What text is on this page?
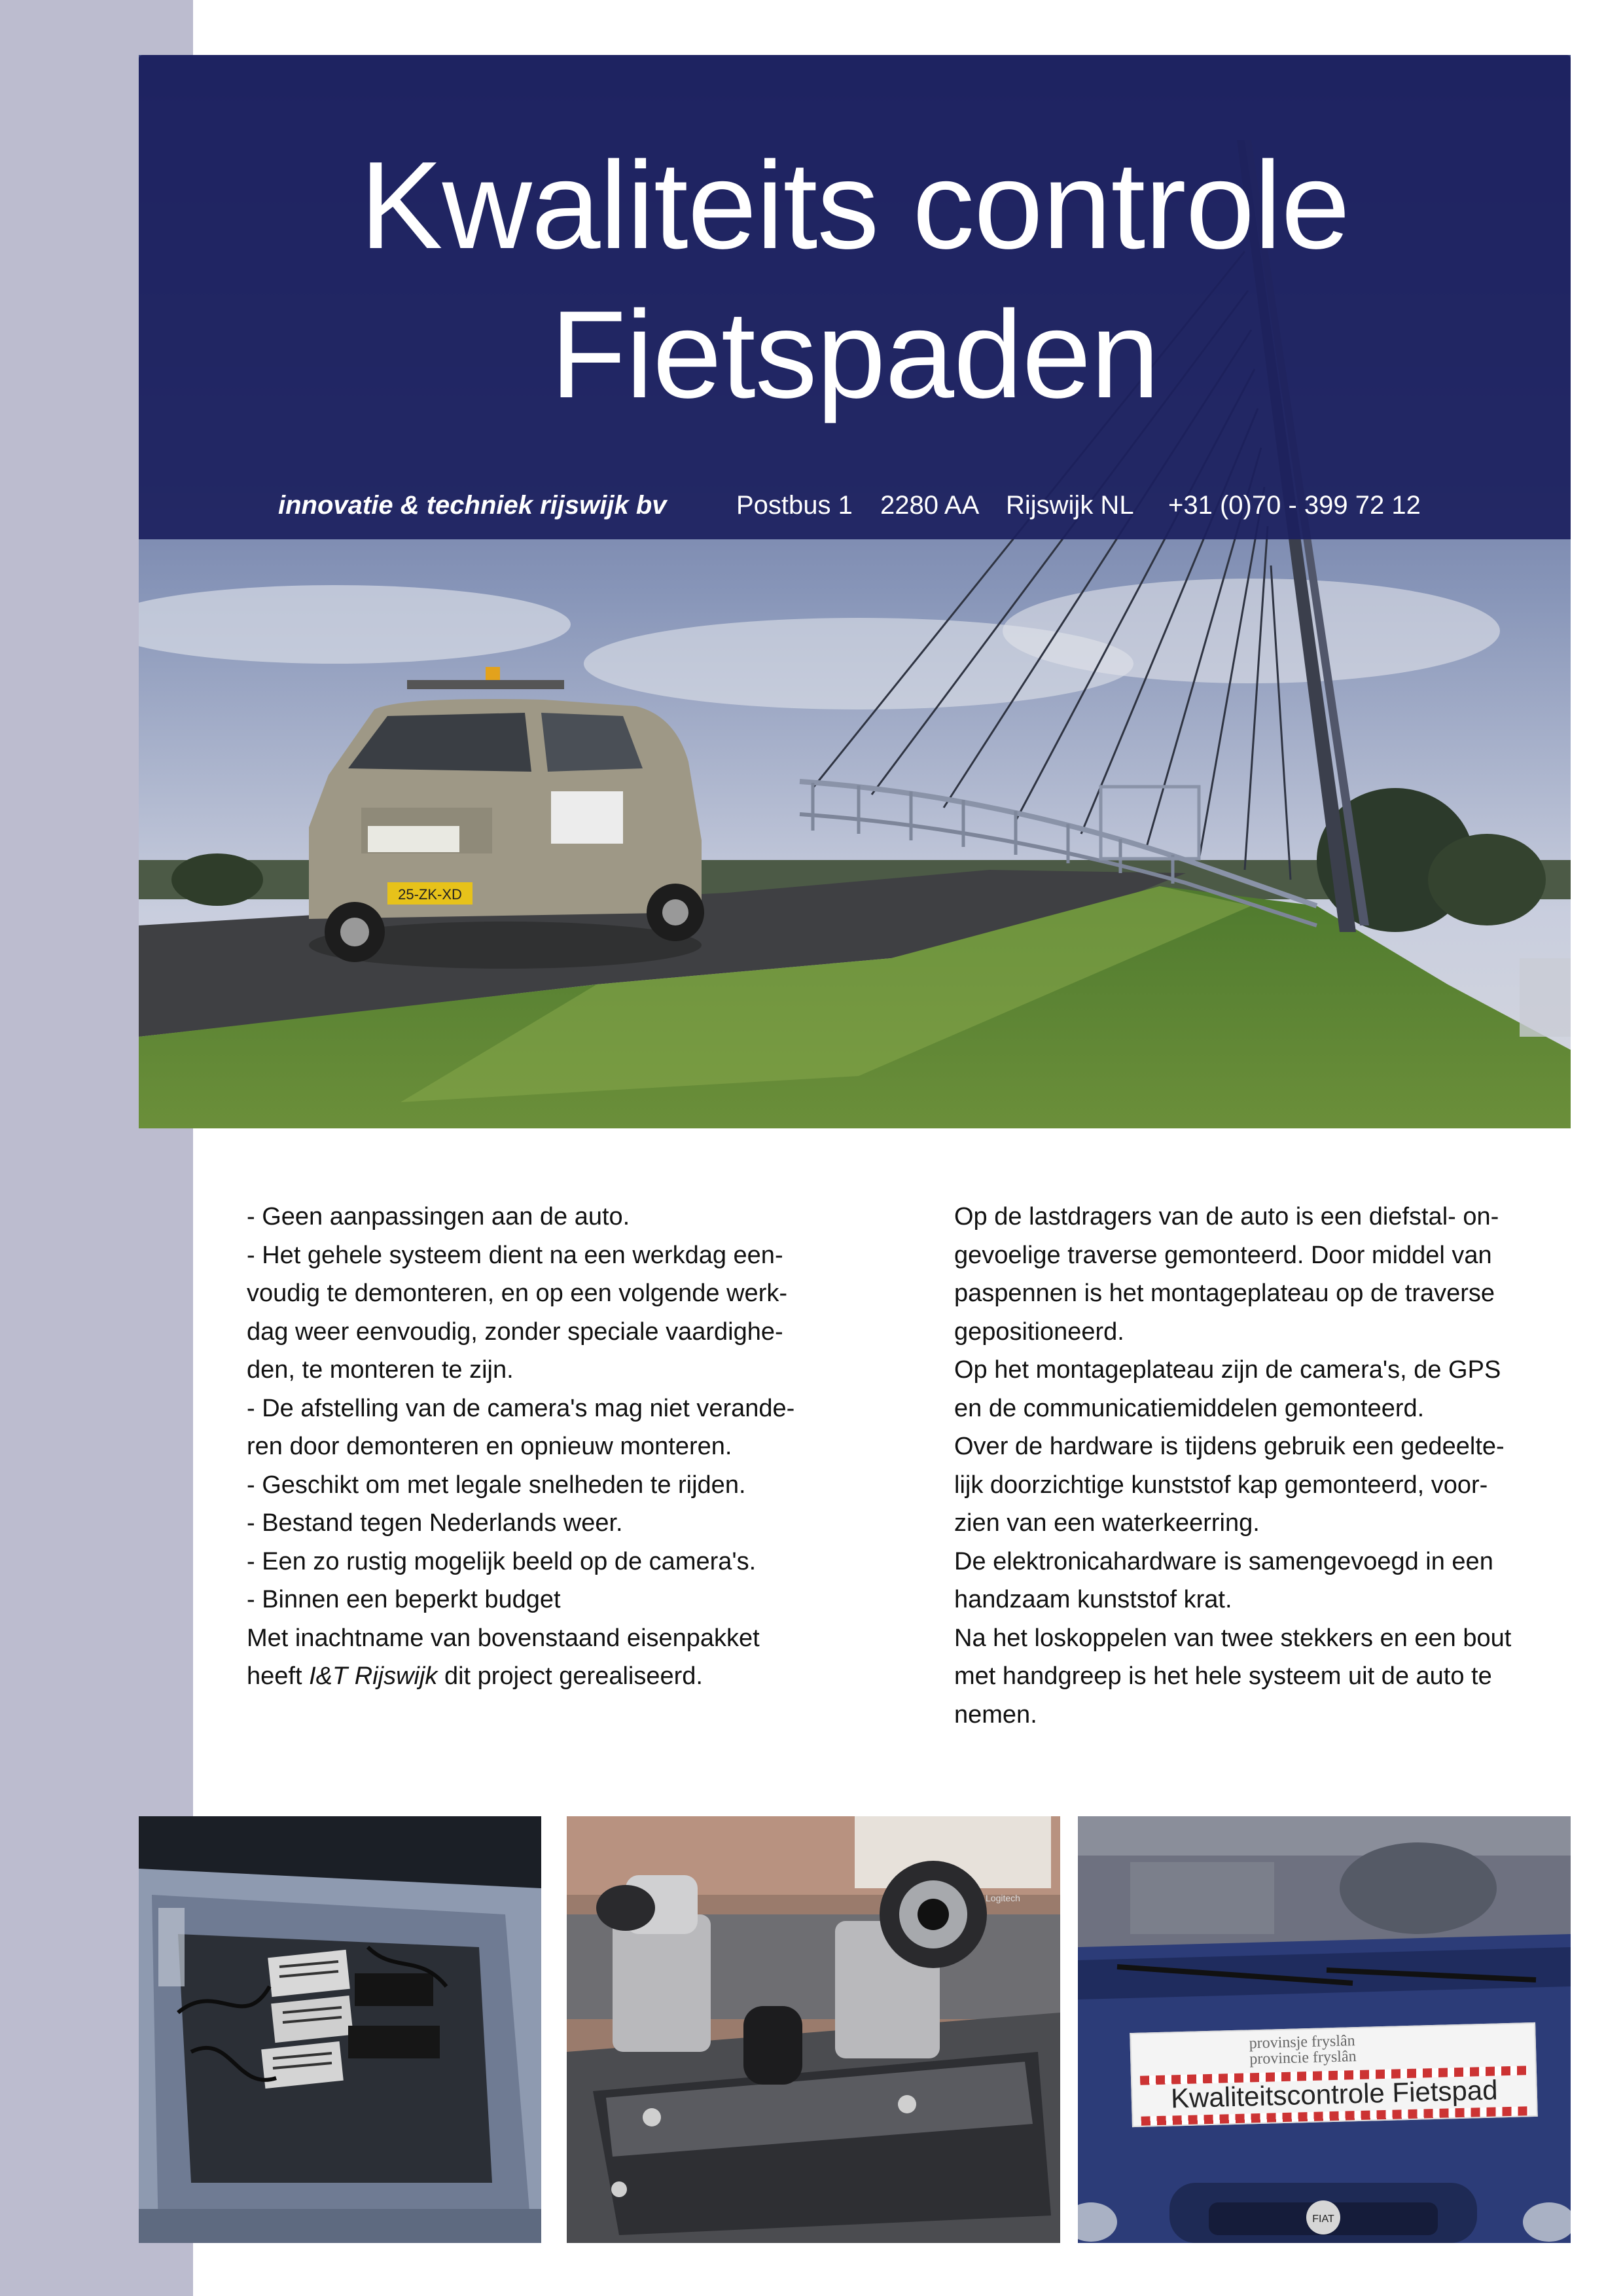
25-ZK-XD
Kwaliteits controle
Fietspaden
innovatie & techniek rijswijk bv	Postbus 1 2280 AA Rijswijk NL +31 (0)70 - 399 72 12
- Geen aanpassingen aan de auto.
- Het gehele systeem dient na een werkdag een-
voudig te demonteren, en op een volgende werk-
dag weer eenvoudig, zonder speciale vaardighe-
den, te monteren te zijn.
- De afstelling van de camera's mag niet verande-
ren door demonteren en opnieuw monteren.
- Geschikt om met legale snelheden te rijden.
- Bestand tegen Nederlands weer.
- Een zo rustig mogelijk beeld op de camera's.
- Binnen een beperkt budget
Met inachtname van bovenstaand eisenpakket
heeft I&T Rijswijk dit project gerealiseerd.
Op de lastdragers van de auto is een diefstal- on-
gevoelige traverse gemonteerd. Door middel van
paspennen is het montageplateau op de traverse
gepositioneerd.
Op het montageplateau zijn de camera's, de GPS
en de communicatiemiddelen gemonteerd.
Over de hardware is tijdens gebruik een gedeelte-
lijk doorzichtige kunststof kap gemonteerd, voor-
zien van een waterkeerring.
De elektronicahardware is samengevoegd in een
handzaam kunststof krat.
Na het loskoppelen van twee stekkers en een bout
met handgreep is het hele systeem uit de auto te
nemen.
Logitech
FIAT
provinsje fryslân
provincie fryslân
Kwaliteitscontrole Fietspad
